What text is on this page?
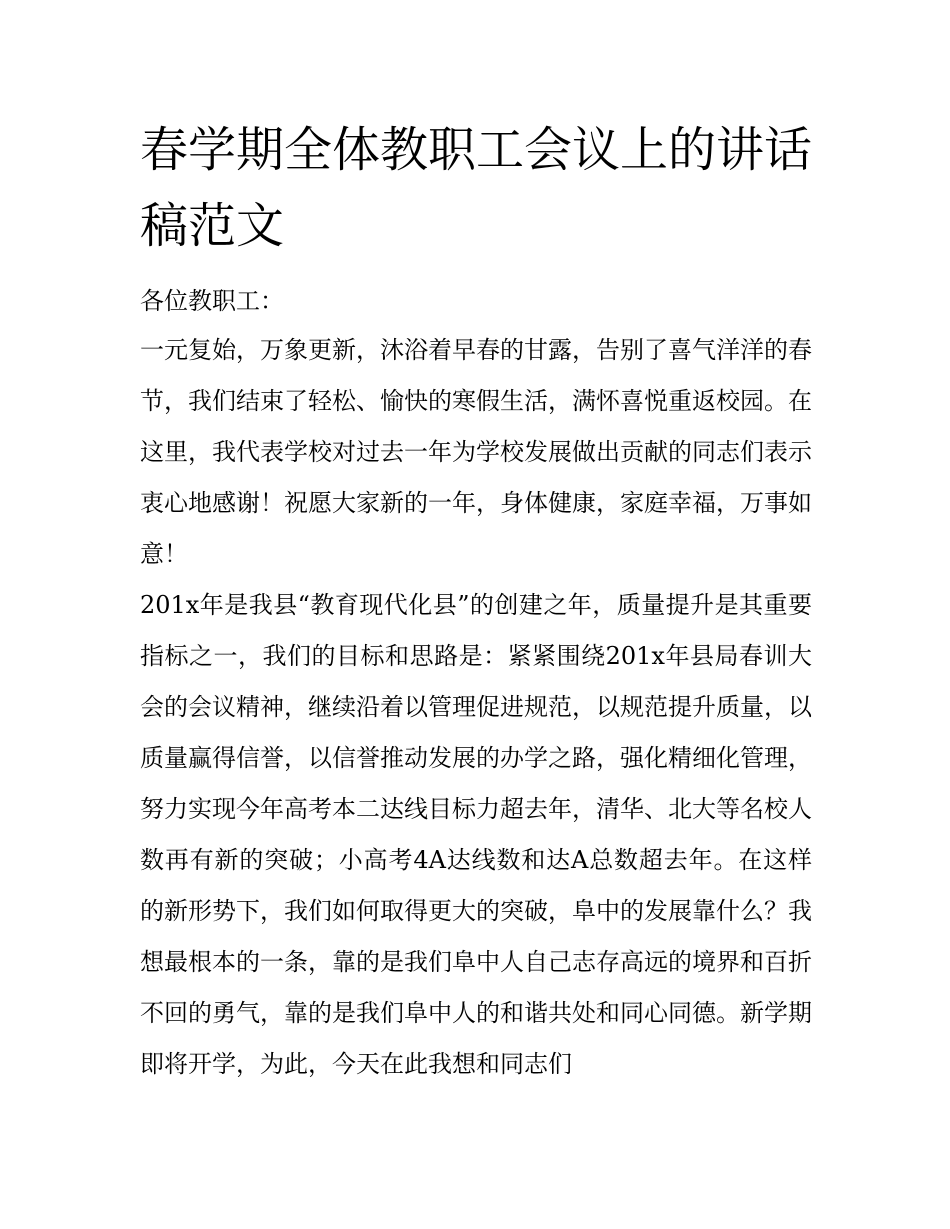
春学期全体教职工会议上的讲话稿范文

各位教职工：

一元复始，万象更新，沐浴着早春的甘露，告别了喜气洋洋的春节，我们结束了轻松、愉快的寒假生活，满怀喜悦重返校园。在这里，我代表学校对过去一年为学校发展做出贡献的同志们表示衷心地感谢！祝愿大家新的一年，身体健康，家庭幸福，万事如意！

201x年是我县“教育现代化县”的创建之年，质量提升是其重要指标之一，我们的目标和思路是：紧紧围绕201x年县局春训大会的会议精神，继续沿着以管理促进规范，以规范提升质量，以质量赢得信誉，以信誉推动发展的办学之路，强化精细化管理，努力实现今年高考本二达线目标力超去年，清华、北大等名校人数再有新的突破；小高考4A达线数和达A总数超去年。在这样的新形势下，我们如何取得更大的突破，阜中的发展靠什么？我想最根本的一条，靠的是我们阜中人自己志存高远的境界和百折不回的勇气，靠的是我们阜中人的和谐共处和同心同德。新学期即将开学，为此，今天在此我想和同志们
